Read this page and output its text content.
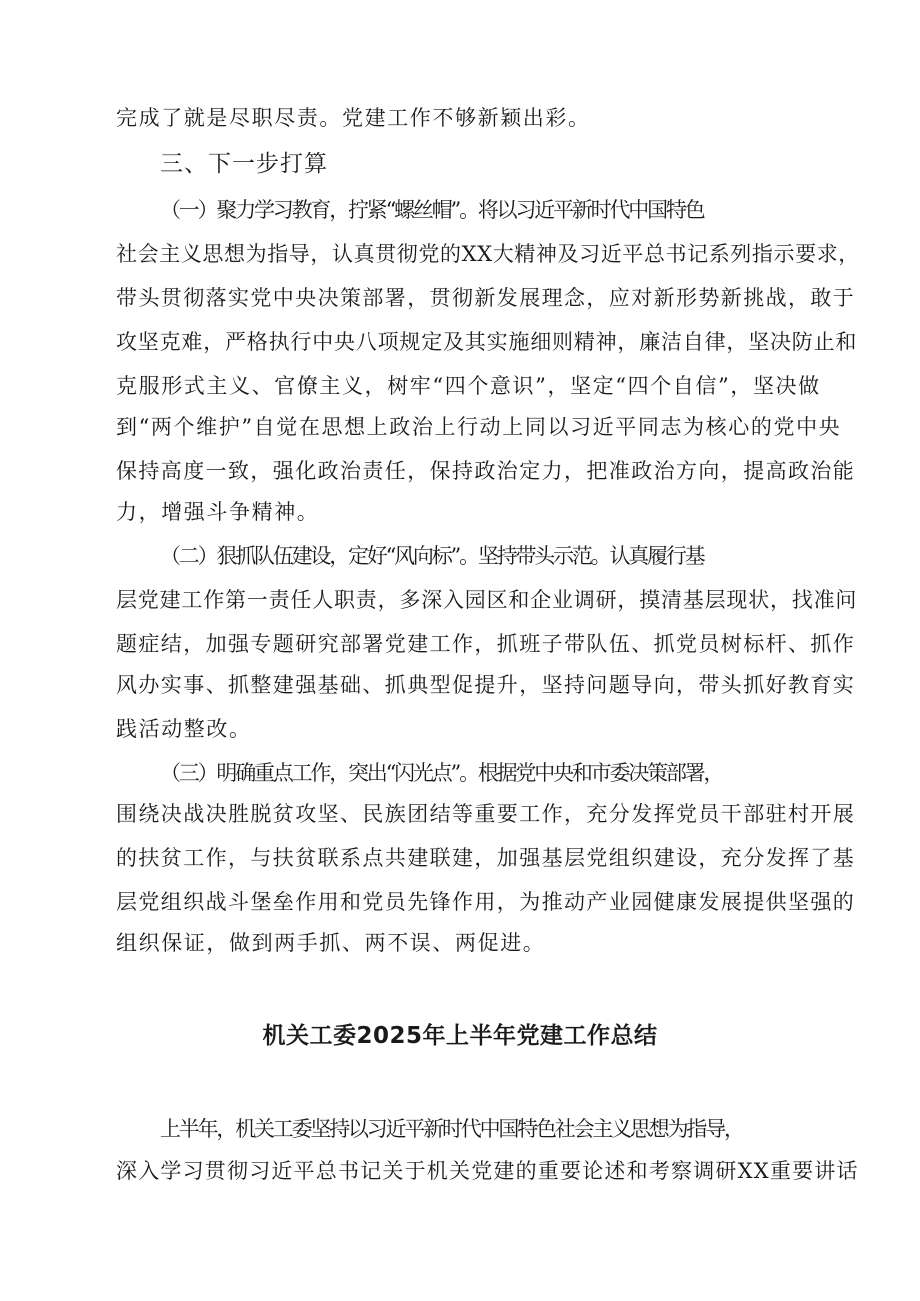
完成了就是尽职尽责。党建工作不够新颖出彩。
三、下一步打算
（一）聚力学习教育，拧紧“螺丝帽”。将以习近平新时代中国特色
社会主义思想为指导，认真贯彻党的XX大精神及习近平总书记系列指示要求，
带头贯彻落实党中央决策部署，贯彻新发展理念，应对新形势新挑战，敢于
攻坚克难，严格执行中央八项规定及其实施细则精神，廉洁自律，坚决防止和
克服形式主义、官僚主义，树牢“四个意识”，坚定“四个自信”，坚决做
到“两个维护”自觉在思想上政治上行动上同以习近平同志为核心的党中央
保持高度一致，强化政治责任，保持政治定力，把准政治方向，提高政治能
力，增强斗争精神。
（二）狠抓队伍建设，定好“风向标”。坚持带头示范。认真履行基
层党建工作第一责任人职责，多深入园区和企业调研，摸清基层现状，找准问
题症结，加强专题研究部署党建工作，抓班子带队伍、抓党员树标杆、抓作
风办实事、抓整建强基础、抓典型促提升，坚持问题导向，带头抓好教育实
践活动整改。
（三）明确重点工作，突出“闪光点”。根据党中央和市委决策部署，
围绕决战决胜脱贫攻坚、民族团结等重要工作，充分发挥党员干部驻村开展
的扶贫工作，与扶贫联系点共建联建，加强基层党组织建设，充分发挥了基
层党组织战斗堡垒作用和党员先锋作用，为推动产业园健康发展提供坚强的
组织保证，做到两手抓、两不误、两促进。
机关工委2025年上半年党建工作总结
上半年，机关工委坚持以习近平新时代中国特色社会主义思想为指导，
深入学习贯彻习近平总书记关于机关党建的重要论述和考察调研XX重要讲话
